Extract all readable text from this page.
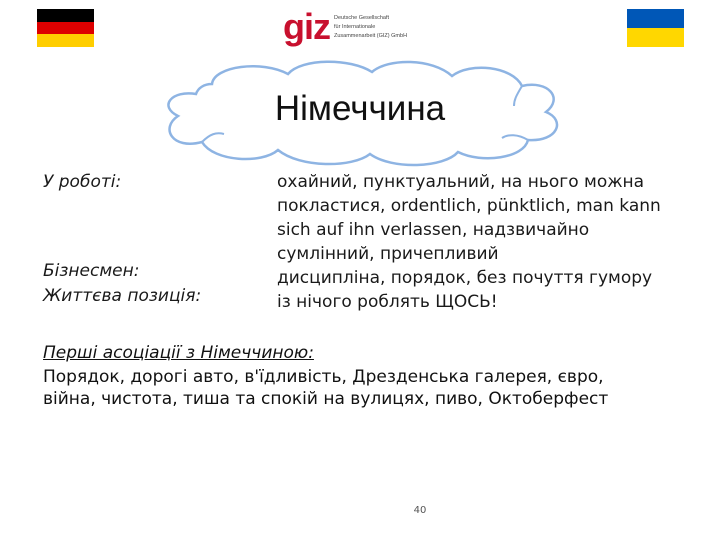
giz Deutsche Gesellschaft
für Internationale
Zusammenarbeit (GIZ) GmbH
Німеччина
У роботі:
Бізнесмен:
Життєва позиція:
охайний, пунктуальний, на нього можна
покластися, ordentlich, pünktlich, man kann
sich auf ihn verlassen, надзвичайно
сумлінний, причепливий
дисципліна, порядок, без почуття гумору
із нічого роблять ЩОСЬ!
Перші асоціації з Німеччиною:
Порядок, дорогі авто, в'їдливість, Дрезденська галерея, євро,
війна, чистота, тиша та спокій на вулицях, пиво, Октоберфест
40
